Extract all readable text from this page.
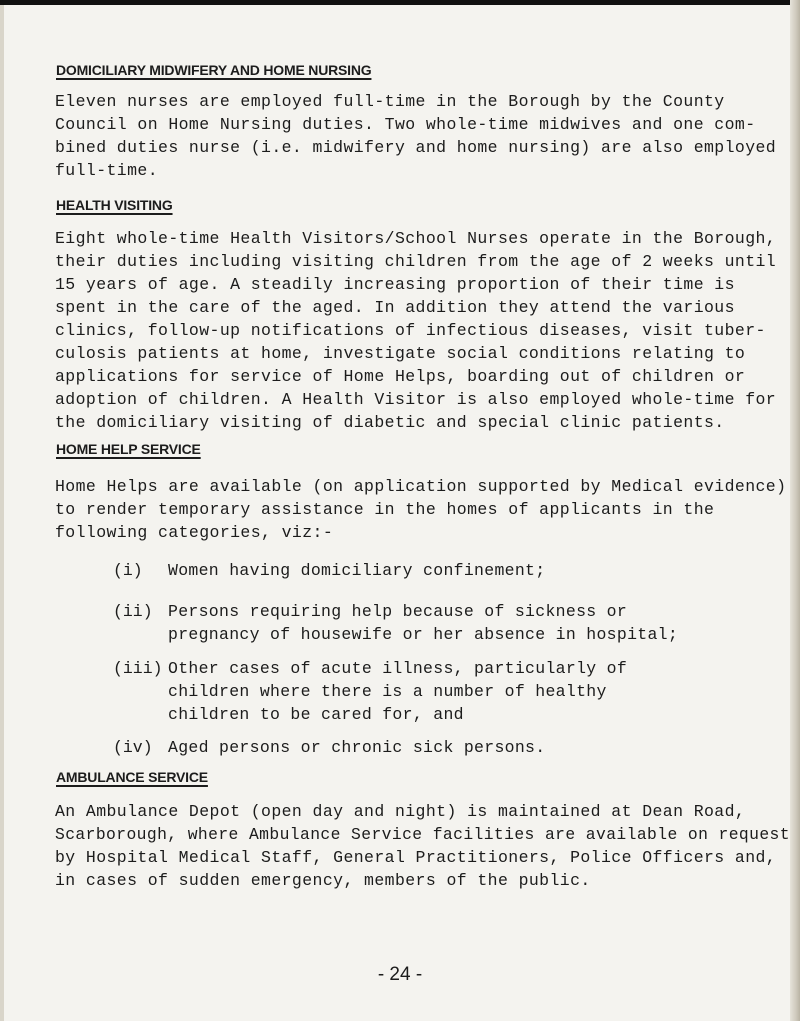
DOMICILIARY MIDWIFERY AND HOME NURSING
Eleven nurses are employed full-time in the Borough by the County
Council on Home Nursing duties. Two whole-time midwives and one com-
bined duties nurse (i.e. midwifery and home nursing) are also employed
full-time.
HEALTH VISITING
Eight whole-time Health Visitors/School Nurses operate in the Borough,
their duties including visiting children from the age of 2 weeks until
15 years of age. A steadily increasing proportion of their time is
spent in the care of the aged. In addition they attend the various
clinics, follow-up notifications of infectious diseases, visit tuber-
culosis patients at home, investigate social conditions relating to
applications for service of Home Helps, boarding out of children or
adoption of children. A Health Visitor is also employed whole-time for
the domiciliary visiting of diabetic and special clinic patients.
HOME HELP SERVICE
Home Helps are available (on application supported by Medical evidence)
to render temporary assistance in the homes of applicants in the
following categories, viz:-
(i) Women having domiciliary confinement;
(ii) Persons requiring help because of sickness or
pregnancy of housewife or her absence in hospital;
(iii) Other cases of acute illness, particularly of
children where there is a number of healthy
children to be cared for, and
(iv) Aged persons or chronic sick persons.
AMBULANCE SERVICE
An Ambulance Depot (open day and night) is maintained at Dean Road,
Scarborough, where Ambulance Service facilities are available on request
by Hospital Medical Staff, General Practitioners, Police Officers and,
in cases of sudden emergency, members of the public.
- 24 -
